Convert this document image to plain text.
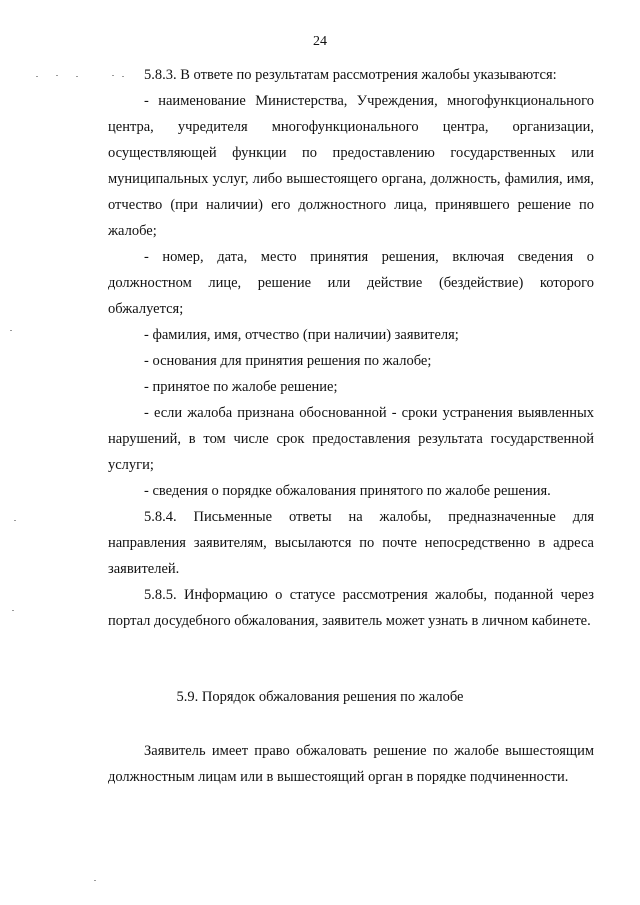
24

5.8.3. В ответе по результатам рассмотрения жалобы указываются:

- наименование Министерства, Учреждения, многофункционального центра, учредителя многофункционального центра, организации, осуществляющей функции по предоставлению государственных или муниципальных услуг, либо вышестоящего органа, должность, фамилия, имя, отчество (при наличии) его должностного лица, принявшего решение по жалобе;

- номер, дата, место принятия решения, включая сведения о должностном лице, решение или действие (бездействие) которого обжалуется;

- фамилия, имя, отчество (при наличии) заявителя;

- основания для принятия решения по жалобе;

- принятое по жалобе решение;

- если жалоба признана обоснованной - сроки устранения выявленных нарушений, в том числе срок предоставления результата государственной услуги;

- сведения о порядке обжалования принятого по жалобе решения.

5.8.4. Письменные ответы на жалобы, предназначенные для направления заявителям, высылаются по почте непосредственно в адреса заявителей.

5.8.5. Информацию о статусе рассмотрения жалобы, поданной через портал досудебного обжалования, заявитель может узнать в личном кабинете.

5.9. Порядок обжалования решения по жалобе

Заявитель имеет право обжаловать решение по жалобе вышестоящим должностным лицам или в вышестоящий орган в порядке подчиненности.
